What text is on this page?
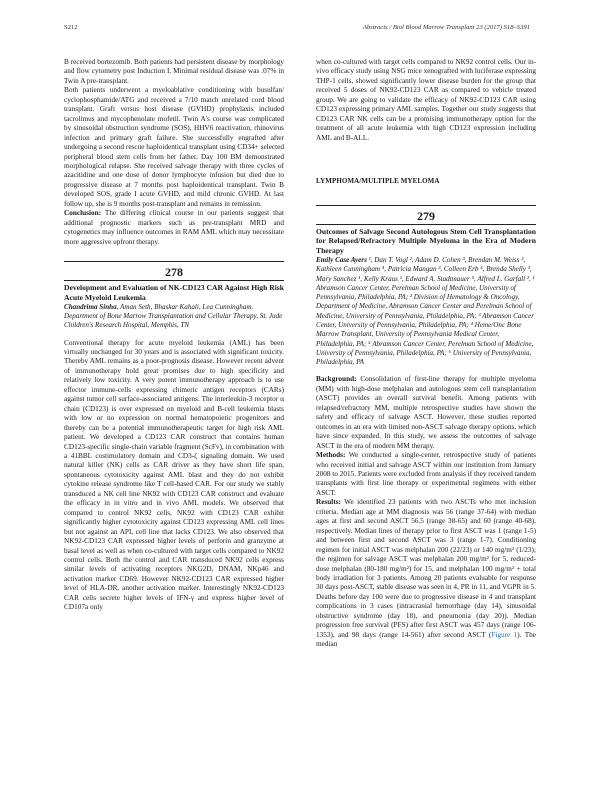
S212	Abstracts / Biol Blood Marrow Transplant 23 (2017) S18–S391

B received bortezomib. Both patients had persistent disease by morphology and flow cytometry post Induction I. Minimal residual disease was .07% in Twin A pre-transplant.

Both patients underwent a myeloablative conditioning with busulfan/ cyclophosphamide/ATG and received a 7/10 match unrelated cord blood transplant. Graft versus host disease (GVHD) prophylaxis included tacrolimus and mycophenolate mofetil. Twin A's course was complicated by sinusoidal obstruction syndrome (SOS), HHV6 reactivation, rhinovirus infection and primary graft failure. She successfully engrafted after undergoing a second rescue haploidentical transplant using CD34+ selected peripheral blood stem cells from her father. Day 100 BM demonstrated morphological relapse. She received salvage therapy with three cycles of azacitidine and one dose of donor lymphocyte infusion but died due to progressive disease at 7 months post haploidentical transplant. Twin B developed SOS, grade I acute GVHD, and mild chronic GVHD. At last follow up, she is 9 months post-transplant and remains in remission.

Conclusion: The differing clinical course in our patients suggest that additional prognostic markers such as pre-transplant MRD and cytogenetics may influence outcomes in RAM AML which may necessitate more aggressive upfront therapy.

278
Development and Evaluation of NK-CD123 CAR Against High Risk Acute Myeloid Leukemia
Chandrima Sinha, Aman Seth, Bhaskar Kahali, Lea Cunningham. Department of Bone Marrow Transplantation and Cellular Therapy, St. Jude Children's Research Hospital, Memphis, TN

Conventional therapy for acute myeloid leukemia (AML) has been virtually unchanged for 30 years and is associated with significant toxicity. Thereby AML remains as a poor-prognosis disease. However recent advent of immunotherapy hold great promises due to high specificity and relatively low toxicity. A very potent immunotherapy approach is to use effector immune-cells expressing chimeric antigen receptors (CARs) against tumor cell surface-associated antigens. The interleukin-3 receptor α chain (CD123) is over expressed on myeloid and B-cell leukemia blasts with low or no expression on normal hematopoietic progenitors and thereby can be a potential immunotherapeutic target for high risk AML patient. We developed a CD123 CAR construct that contains human CD123-specific single-chain variable fragment (ScFv), in combination with a 41BBL costimulatory domain and CD3-ζ signaling domain. We used natural killer (NK) cells as CAR driver as they have short life span, spontaneous cytotoxicity against AML blast and they do not exhibit cytokine release syndrome like T cell-based CAR. For our study we stably transduced a NK cell line NK92 with CD123 CAR construct and evaluate the efficacy in in vitro and in vivo AML models. We observed that compared to control NK92 cells, NK92 with CD123 CAR exhibit significantly higher cytotoxicity against CD123 expressing AML cell lines but not against an APL cell line that lacks CD123. We also observed that NK92-CD123 CAR expressed higher levels of perforin and granzyme at basal level as well as when co-cultured with target cells compared to NK92 control cells. Both the control and CAR transduced NK92 cells express similar levels of activating receptors NKG2D, DNAM, NKp46 and activation marker CD69. However NK92-CD123 CAR expressed higher level of HLA-DR, another activation marker. Interestingly NK92-CD123 CAR cells secrete higher levels of IFN-γ and express higher level of CD107a only

when co-cultured with target cells compared to NK92 control cells. Our in-vivo efficacy study using NSG mice xenografted with luciferase expressing THP-1 cells, showed significantly lower disease burden for the group that received 5 doses of NK92-CD123 CAR as compared to vehicle treated group. We are going to validate the efficacy of NK92-CD123 CAR using CD123 expressing primary AML samples. Together our study suggests that CD123 CAR NK cells can be a promising immunotherapy option for the treatment of all acute leukemia with high CD123 expression including AML and B-ALL.

LYMPHOMA/MULTIPLE MYELOMA
279
Outcomes of Salvage Second Autologous Stem Cell Transplantation for Relapsed/Refractory Multiple Myeloma in the Era of Modern Therapy
Emily Case Ayers ¹, Dan T. Vogl ², Adam D. Cohen ³, Brendan M. Weiss ², Kathleen Cunningham ⁴, Patricia Mangan ³, Colleen Erb ⁵, Brenda Shelly ³, Mary Sanchez ¹, Kelly Kraus ¹, Edward A. Stadtmauer ⁵, Alfred L. Garfall ². ¹ Abramson Cancer Center, Perelman School of Medicine, University of Pennsylvania, Philadelphia, PA; ² Division of Hematology & Oncology, Department of Medicine, Abramson Cancer Center and Perelman School of Medicine, University of Pennsylvania, Philadelphia, PA; ³ Abramson Cancer Center, University of Pennsylvania, Philadelphia, PA; ⁴ Heme/Onc Bone Marrow Transplant, University of Pennsylvania Medical Center, Philadelphia, PA; ⁵ Abramson Cancer Center, Perelman School of Medicine, University of Pennsylvania, Philadelphia, PA; ⁶ University of Pennsylvania, Philadelphia, PA

Background: Consolidation of first-line therapy for multiple myeloma (MM) with high-dose melphalan and autologous stem cell transplantation (ASCT) provides an overall survival benefit. Among patients with relapsed/refractory MM, multiple retrospective studies have shown the safety and efficacy of salvage ASCT. However, these studies reported outcomes in an era with limited non-ASCT salvage therapy options, which have since expanded. In this study, we assess the outcomes of salvage ASCT in the era of modern MM therapy.

Methods: We conducted a single-center, retrospective study of patients who received initial and salvage ASCT within our institution from January 2008 to 2015. Patients were excluded from analysis if they received tandem transplants with first line therapy or experimental regimens with either ASCT.

Results: We identified 23 patients with two ASCTs who met inclusion criteria. Median age at MM diagnosis was 56 (range 37-64) with median ages at first and second ASCT 56.5 (range 38-65) and 60 (range 40-68), respectively. Median lines of therapy prior to first ASCT was 1 (range 1-5) and between first and second ASCT was 3 (range 1-7). Conditioning regimen for initial ASCT was melphalan 200 (22/23) or 140 mg/m² (1/23); the regimen for salvage ASCT was melphalan 200 mg/m² for 5, reduced-dose melphalan (80-180 mg/m²) for 15, and melphalan 100 mg/m² + total body irradiation for 3 patients. Among 20 patients evaluable for response 30 days post-ASCT, stable disease was seen in 4, PR in 11, and VGPR in 5. Deaths before day 100 were due to progressive disease in 4 and transplant complications in 3 cases (intracranial hemorrhage (day 14), sinusoidal obstructive syndrome (day 18), and pneumonia (day 20)). Median progression free survival (PFS) after first ASCT was 457 days (range 106-1353), and 98 days (range 14-561) after second ASCT (Figure 1). The median
